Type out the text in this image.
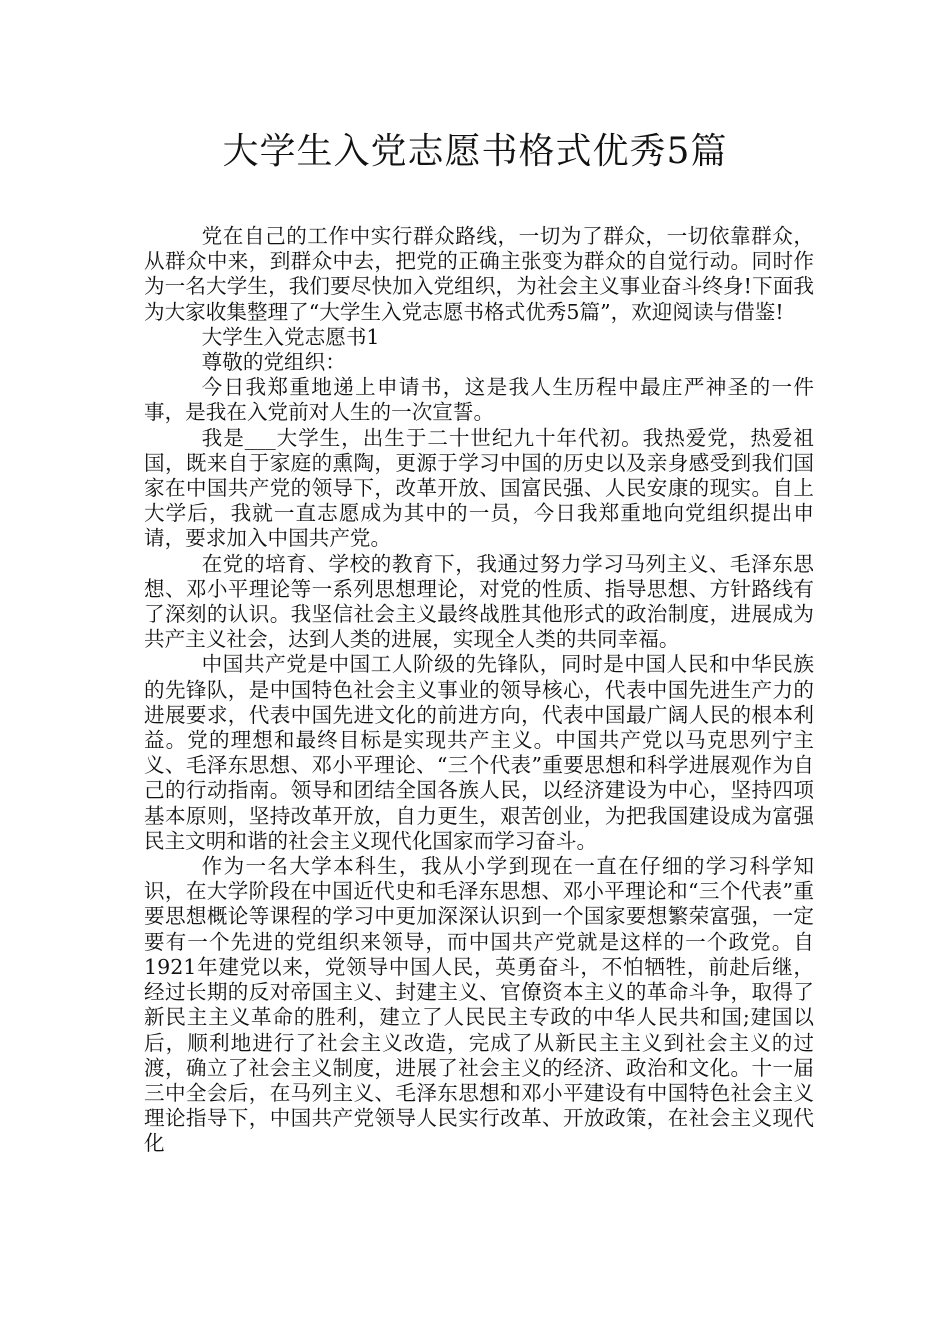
大学生入党志愿书格式优秀5篇

党在自己的工作中实行群众路线，一切为了群众，一切依靠群众，从群众中来，到群众中去，把党的正确主张变为群众的自觉行动。同时作为一名大学生，我们要尽快加入党组织，为社会主义事业奋斗终身!下面我为大家收集整理了“大学生入党志愿书格式优秀5篇”，欢迎阅读与借鉴!

大学生入党志愿书1

尊敬的党组织：

今日我郑重地递上申请书，这是我人生历程中最庄严神圣的一件事，是我在入党前对人生的一次宣誓。

我是___大学生，出生于二十世纪九十年代初。我热爱党，热爱祖国，既来自于家庭的熏陶，更源于学习中国的历史以及亲身感受到我们国家在中国共产党的领导下，改革开放、国富民强、人民安康的现实。自上大学后，我就一直志愿成为其中的一员，今日我郑重地向党组织提出申请，要求加入中国共产党。

在党的培育、学校的教育下，我通过努力学习马列主义、毛泽东思想、邓小平理论等一系列思想理论，对党的性质、指导思想、方针路线有了深刻的认识。我坚信社会主义最终战胜其他形式的政治制度，进展成为共产主义社会，达到人类的进展，实现全人类的共同幸福。

中国共产党是中国工人阶级的先锋队，同时是中国人民和中华民族的先锋队，是中国特色社会主义事业的领导核心，代表中国先进生产力的进展要求，代表中国先进文化的前进方向，代表中国最广阔人民的根本利益。党的理想和最终目标是实现共产主义。中国共产党以马克思列宁主义、毛泽东思想、邓小平理论、“三个代表”重要思想和科学进展观作为自己的行动指南。领导和团结全国各族人民，以经济建设为中心，坚持四项基本原则，坚持改革开放，自力更生，艰苦创业，为把我国建设成为富强民主文明和谐的社会主义现代化国家而学习奋斗。

作为一名大学本科生，我从小学到现在一直在仔细的学习科学知识，在大学阶段在中国近代史和毛泽东思想、邓小平理论和“三个代表”重要思想概论等课程的学习中更加深深认识到一个国家要想繁荣富强，一定要有一个先进的党组织来领导，而中国共产党就是这样的一个政党。自1921年建党以来，党领导中国人民，英勇奋斗，不怕牺牲，前赴后继，经过长期的反对帝国主义、封建主义、官僚资本主义的革命斗争，取得了新民主主义革命的胜利，建立了人民民主专政的中华人民共和国;建国以后，顺利地进行了社会主义改造，完成了从新民主主义到社会主义的过渡，确立了社会主义制度，进展了社会主义的经济、政治和文化。十一届三中全会后，在马列主义、毛泽东思想和邓小平建设有中国特色社会主义理论指导下，中国共产党领导人民实行改革、开放政策，在社会主义现代化
